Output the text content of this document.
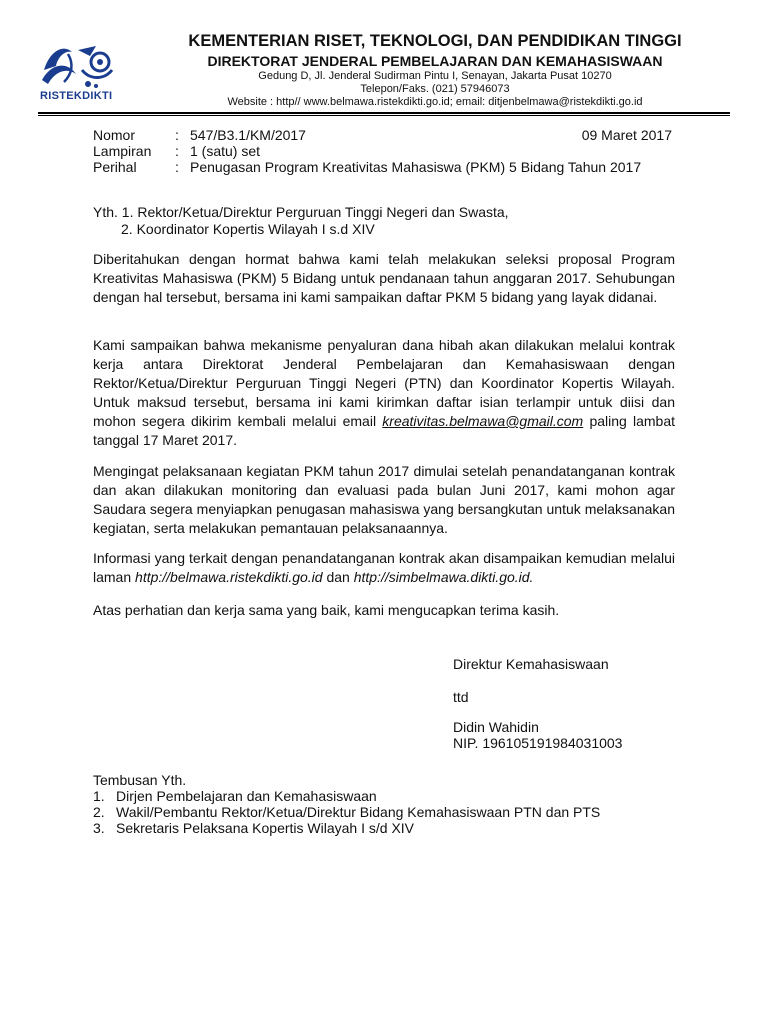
RISTEKDIKTI
KEMENTERIAN RISET, TEKNOLOGI, DAN PENDIDIKAN TINGGI
DIREKTORAT JENDERAL PEMBELAJARAN DAN KEMAHASISWAAN
Gedung D, Jl. Jenderal Sudirman Pintu I, Senayan, Jakarta Pusat 10270
Telepon/Faks. (021) 57946073
Website : http// www.belmawa.ristekdikti.go.id; email: ditjenbelmawa@ristekdikti.go.id
Nomor	: 547/B3.1/KM/2017	09 Maret 2017
Lampiran : 1 (satu) set
Perihal	: Penugasan Program Kreativitas Mahasiswa (PKM) 5 Bidang Tahun 2017
Yth. 1. Rektor/Ketua/Direktur Perguruan Tinggi Negeri dan Swasta,
2. Koordinator Kopertis Wilayah I s.d XIV
Diberitahukan dengan hormat bahwa kami telah melakukan seleksi proposal Program Kreativitas Mahasiswa (PKM) 5 Bidang untuk pendanaan tahun anggaran 2017. Sehubungan dengan hal tersebut, bersama ini kami sampaikan daftar PKM 5 bidang yang layak didanai.
Kami sampaikan bahwa mekanisme penyaluran dana hibah akan dilakukan melalui kontrak kerja antara Direktorat Jenderal Pembelajaran dan Kemahasiswaan dengan Rektor/Ketua/Direktur Perguruan Tinggi Negeri (PTN) dan Koordinator Kopertis Wilayah. Untuk maksud tersebut, bersama ini kami kirimkan daftar isian terlampir untuk diisi dan mohon segera dikirim kembali melalui email kreativitas.belmawa@gmail.com paling lambat tanggal 17 Maret 2017.
Mengingat pelaksanaan kegiatan PKM tahun 2017 dimulai setelah penandatanganan kontrak dan akan dilakukan monitoring dan evaluasi pada bulan Juni 2017, kami mohon agar Saudara segera menyiapkan penugasan mahasiswa yang bersangkutan untuk melaksanakan kegiatan, serta melakukan pemantauan pelaksanaannya.
Informasi yang terkait dengan penandatanganan kontrak akan disampaikan kemudian melalui laman http://belmawa.ristekdikti.go.id dan http://simbelmawa.dikti.go.id.
Atas perhatian dan kerja sama yang baik, kami mengucapkan terima kasih.
Direktur Kemahasiswaan
ttd
Didin Wahidin
NIP. 196105191984031003
Tembusan Yth.
1. Dirjen Pembelajaran dan Kemahasiswaan
2. Wakil/Pembantu Rektor/Ketua/Direktur Bidang Kemahasiswaan PTN dan PTS
3. Sekretaris Pelaksana Kopertis Wilayah I s/d XIV
